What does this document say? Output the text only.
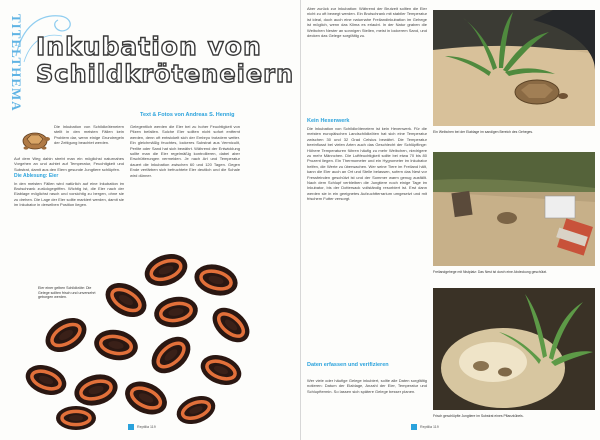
TITELTHEMA Inkubation von
Schildkröteneiern
Text & Fotos von Andreas S. Hennig

Die Inkubation von Schildkröteneiern stellt in den meisten Fällen kein Problem dar, wenn einige Grundregeln der Zeitigung beachtet werden.

Auf dem Weg dahin strebt man ein möglichst naturnahes Vorgehen an und achtet auf Temperatur, Feuchtigkeit und Substrat, damit aus den Eiern gesunde Jungtiere schlüpfen.

Die Ablesung: Eier

In den meisten Fällen wird natürlich auf eine Inkubation im Brutschrank zurückgegriffen. Wichtig ist, die Eier nach der Eiablage möglichst rasch und vorsichtig zu bergen, ohne sie zu drehen. Die Lage der Eier sollte markiert werden, damit sie im Inkubator in derselben Position liegen.

Gelegentlich werden die Eier bei zu hoher Feuchtigkeit von Pilzen befallen. Solche Eier sollten nicht sofort entfernt werden, denn oft entwickelt sich der Embryo trotzdem weiter. Ein gleichmäßig feuchtes, lockeres Substrat aus Vermiculit, Perlite oder Sand hat sich bewährt. Während der Entwicklung sollte man die Eier regelmäßig kontrollieren, dabei aber Erschütterungen vermeiden. Je nach Art und Temperatur dauert die Inkubation zwischen 60 und 120 Tagen. Gegen Ende verfärben sich befruchtete Eier deutlich und die Schale wird dünner.

Eier einer gelben Schildkröte: Die Gelege sollten frisch und unversehrt geborgen werden.
Reptilia 119

Aber zurück zur Inkubation: Während der Brutzeit sollten die Eier nicht zu oft bewegt werden. Ein Brutschrank mit stabiler Temperatur ist ideal, doch auch eine naturnahe Freilandinkubation im Gehege ist möglich, wenn das Klima es erlaubt. In der Natur graben die Weibchen Nester an sonnigen Stellen, meist in lockerem Sand, und decken das Gelege sorgfältig zu.

Kein Hexenwerk

Die Inkubation von Schildkröteneiern ist kein Hexenwerk. Für die meisten europäischen Landschildkröten hat sich eine Temperatur zwischen 30 und 32 Grad Celsius bewährt. Die Temperatur beeinflusst bei vielen Arten auch das Geschlecht der Schlüpflinge: Höhere Temperaturen führen häufig zu mehr Weibchen, niedrigere zu mehr Männchen. Die Luftfeuchtigkeit sollte bei etwa 70 bis 80 Prozent liegen. Ein Thermometer und ein Hygrometer im Inkubator helfen, die Werte zu überwachen. Wer seine Tiere im Freiland hält, kann die Eier auch an Ort und Stelle belassen, sofern das Nest vor Fressfeinden geschützt ist und der Sommer warm genug ausfällt. Nach dem Schlupf verbleiben die Jungtiere noch einige Tage im Inkubator, bis der Dottersack vollständig resorbiert ist. Erst dann werden sie in ein geeignetes Aufzuchtterrarium umgesetzt und mit frischem Futter versorgt.

Daten erfassen und verifizieren

Wer viele oder häufige Gelege inkubiert, sollte alle Daten sorgfältig notieren: Datum der Eiablage, Anzahl der Eier, Temperatur und Schlupftermin. So lassen sich spätere Gelege besser planen.

Ein Weibchen bei der Eiablage im sandigen Bereich des Geheges.
Freilandgehege mit Nistplatz: Das Nest ist durch eine Abdeckung geschützt.
Frisch geschlüpfte Jungtiere im Substrat eines Pflanzkübels.
Reptilia 119
